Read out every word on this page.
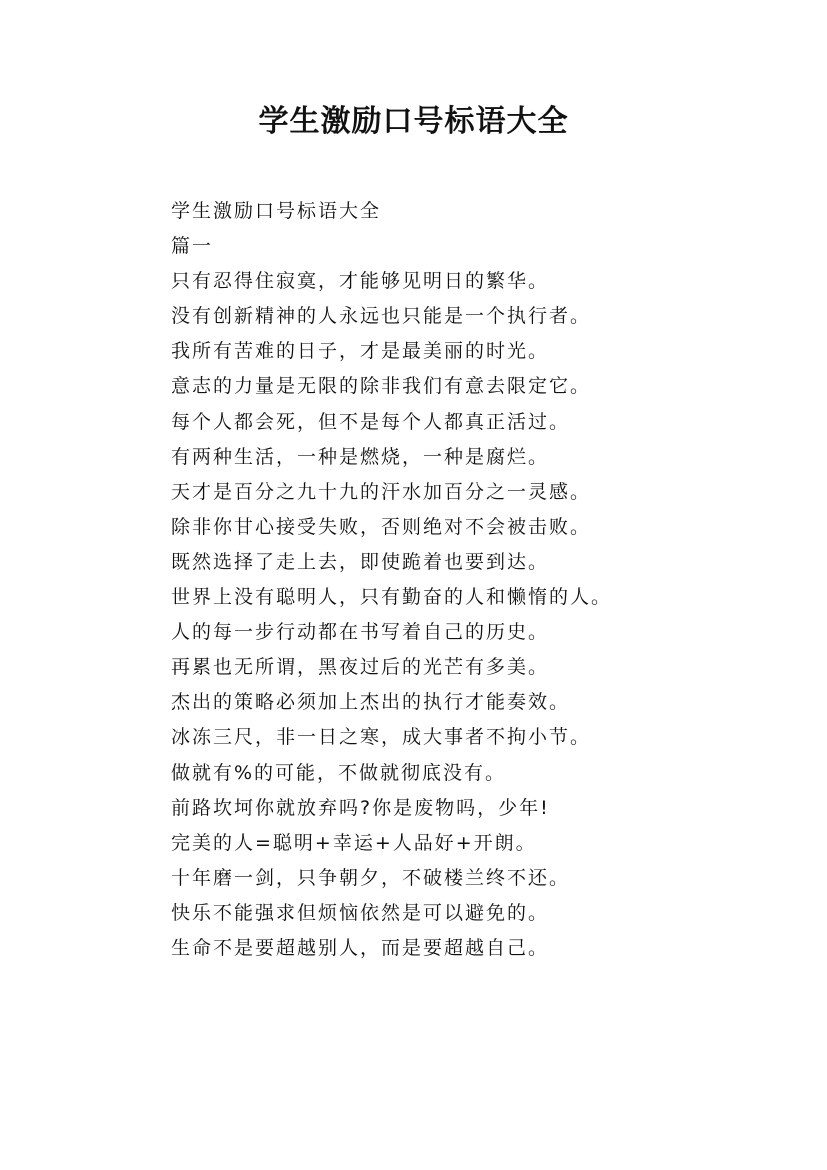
学生激励口号标语大全
学生激励口号标语大全
篇一
只有忍得住寂寞，才能够见明日的繁华。
没有创新精神的人永远也只能是一个执行者。
我所有苦难的日子，才是最美丽的时光。
意志的力量是无限的除非我们有意去限定它。
每个人都会死，但不是每个人都真正活过。
有两种生活，一种是燃烧，一种是腐烂。
天才是百分之九十九的汗水加百分之一灵感。
除非你甘心接受失败，否则绝对不会被击败。
既然选择了走上去，即使跪着也要到达。
世界上没有聪明人，只有勤奋的人和懒惰的人。
人的每一步行动都在书写着自己的历史。
再累也无所谓，黑夜过后的光芒有多美。
杰出的策略必须加上杰出的执行才能奏效。
冰冻三尺，非一日之寒，成大事者不拘小节。
做就有%的可能，不做就彻底没有。
前路坎坷你就放弃吗?你是废物吗，少年!
完美的人=聪明+幸运+人品好+开朗。
十年磨一剑，只争朝夕，不破楼兰终不还。
快乐不能强求但烦恼依然是可以避免的。
生命不是要超越别人，而是要超越自己。
